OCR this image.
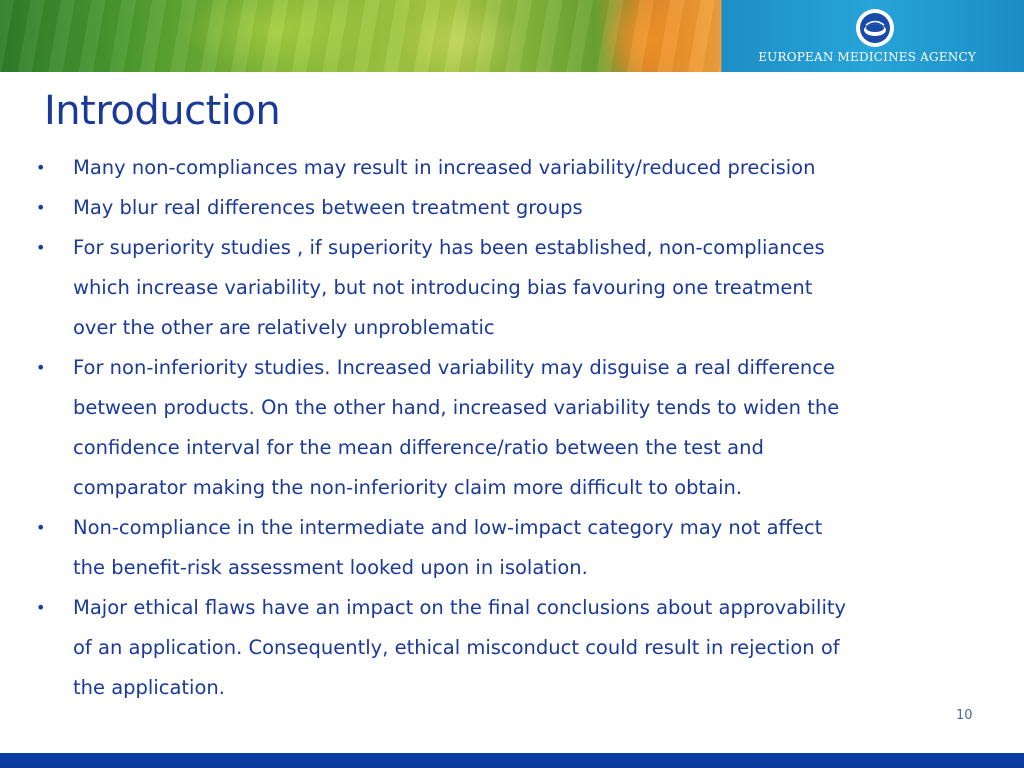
EUROPEAN MEDICINES AGENCY
Introduction
• Many non-compliances may result in increased variability/reduced precision
• May blur real differences between treatment groups
• For superiority studies , if superiority has been established, non-compliances
which increase variability, but not introducing bias favouring one treatment
over the other are relatively unproblematic
• For non-inferiority studies. Increased variability may disguise a real difference
between products. On the other hand, increased variability tends to widen the
confidence interval for the mean difference/ratio between the test and
comparator making the non-inferiority claim more difficult to obtain.
• Non-compliance in the intermediate and low-impact category may not affect
the benefit-risk assessment looked upon in isolation.
• Major ethical flaws have an impact on the final conclusions about approvability
of an application. Consequently, ethical misconduct could result in rejection of
the application.
10
